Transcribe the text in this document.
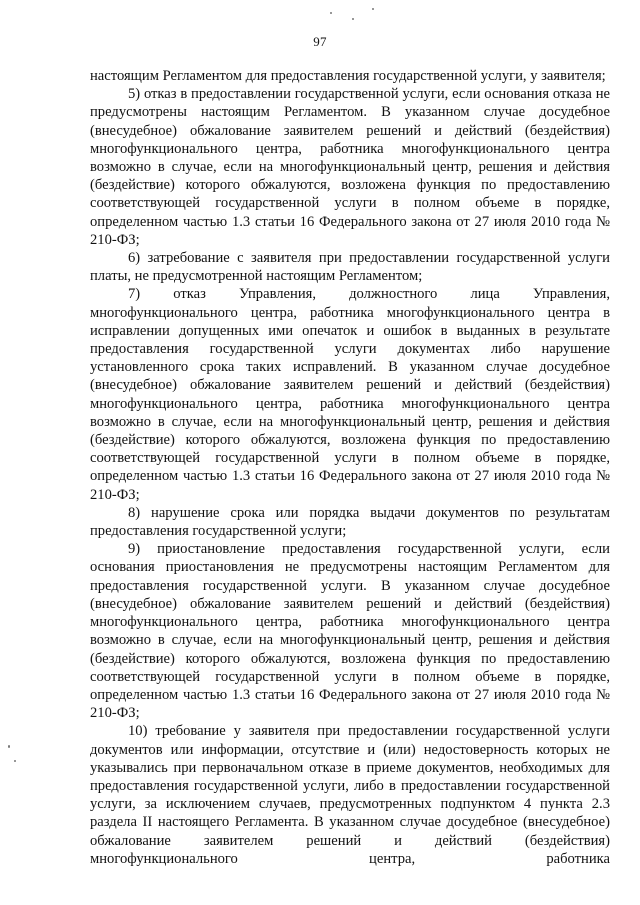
97

настоящим Регламентом для предоставления государственной услуги, у заявителя;

5) отказ в предоставлении государственной услуги, если основания отказа не предусмотрены настоящим Регламентом. В указанном случае досудебное (внесудебное) обжалование заявителем решений и действий (бездействия) многофункционального центра, работника многофункционального центра возможно в случае, если на многофункциональный центр, решения и действия (бездействие) которого обжалуются, возложена функция по предоставлению соответствующей государственной услуги в полном объеме в порядке, определенном частью 1.3 статьи 16 Федерального закона от 27 июля 2010 года № 210-ФЗ;

6) затребование с заявителя при предоставлении государственной услуги платы, не предусмотренной настоящим Регламентом;

7) отказ Управления, должностного лица Управления, многофункционального центра, работника многофункционального центра в исправлении допущенных ими опечаток и ошибок в выданных в результате предоставления государственной услуги документах либо нарушение установленного срока таких исправлений. В указанном случае досудебное (внесудебное) обжалование заявителем решений и действий (бездействия) многофункционального центра, работника многофункционального центра возможно в случае, если на многофункциональный центр, решения и действия (бездействие) которого обжалуются, возложена функция по предоставлению соответствующей государственной услуги в полном объеме в порядке, определенном частью 1.3 статьи 16 Федерального закона от 27 июля 2010 года № 210-ФЗ;

8) нарушение срока или порядка выдачи документов по результатам предоставления государственной услуги;

9) приостановление предоставления государственной услуги, если основания приостановления не предусмотрены настоящим Регламентом для предоставления государственной услуги. В указанном случае досудебное (внесудебное) обжалование заявителем решений и действий (бездействия) многофункционального центра, работника многофункционального центра возможно в случае, если на многофункциональный центр, решения и действия (бездействие) которого обжалуются, возложена функция по предоставлению соответствующей государственной услуги в полном объеме в порядке, определенном частью 1.3 статьи 16 Федерального закона от 27 июля 2010 года № 210-ФЗ;

10) требование у заявителя при предоставлении государственной услуги документов или информации, отсутствие и (или) недостоверность которых не указывались при первоначальном отказе в приеме документов, необходимых для предоставления государственной услуги, либо в предоставлении государственной услуги, за исключением случаев, предусмотренных подпунктом 4 пункта 2.3 раздела II настоящего Регламента. В указанном случае досудебное (внесудебное) обжалование заявителем решений и действий (бездействия) многофункционального центра, работника
